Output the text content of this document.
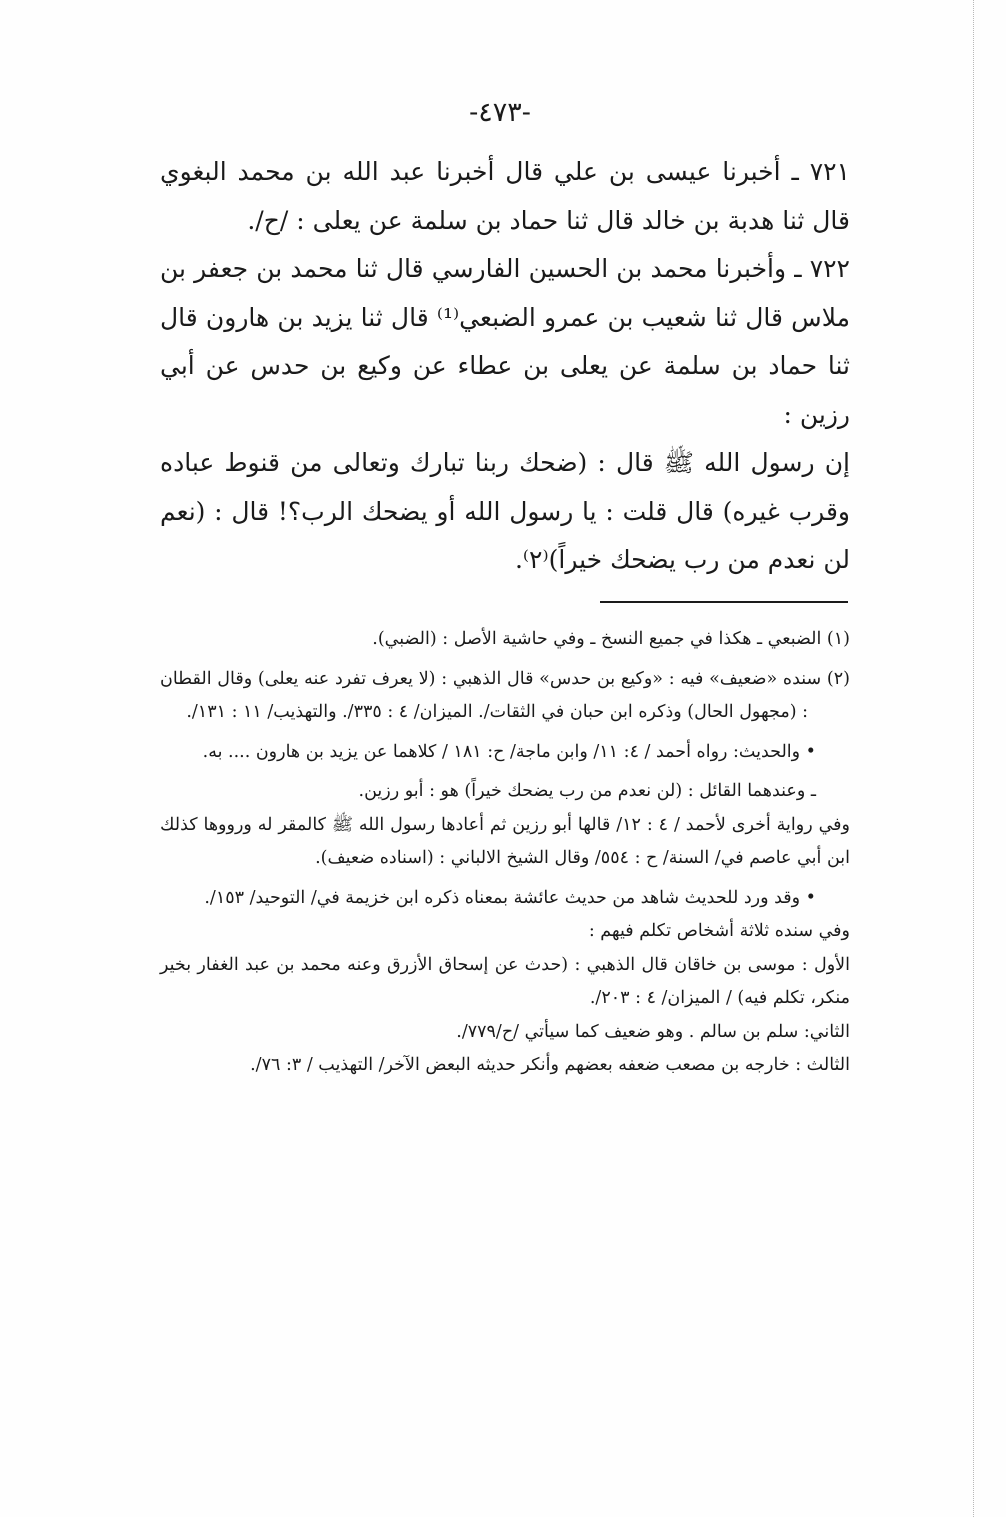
-٤٧٣-

٧٢١ ـ أخبرنا عيسى بن علي قال أخبرنا عبد الله بن محمد البغوي قال ثنا هدبة بن خالد قال ثنا حماد بن سلمة عن يعلى : /ح/.

٧٢٢ ـ وأخبرنا محمد بن الحسين الفارسي قال ثنا محمد بن جعفر بن ملاس قال ثنا شعيب بن عمرو الضبعي⁽¹⁾ قال ثنا يزيد بن هارون قال ثنا حماد بن سلمة عن يعلى بن عطاء عن وكيع بن حدس عن أبي رزين :

إن رسول الله ﷺ قال : (ضحك ربنا تبارك وتعالى من قنوط عباده وقرب غيره) قال قلت : يا رسول الله أو يضحك الرب؟! قال : (نعم لن نعدم من رب يضحك خيراً)⁽٢⁾.

(١) الضبعي ـ هكذا في جميع النسخ ـ وفي حاشية الأصل : (الضبي).

(٢) سنده «ضعيف» فيه : «وكيع بن حدس» قال الذهبي : (لا يعرف تفرد عنه يعلى) وقال القطان : (مجهول الحال) وذكره ابن حبان في الثقات/. الميزان/ ٤ : ٣٣٥/. والتهذيب/ ١١ : ١٣١/.

• والحديث: رواه أحمد / ٤: ١١/ وابن ماجة/ ح: ١٨١ / كلاهما عن يزيد بن هارون .... به.

ـ وعندهما القائل : (لن نعدم من رب يضحك خيراً) هو : أبو رزين.

وفي رواية أخرى لأحمد / ٤ : ١٢/ قالها أبو رزين ثم أعادها رسول الله ﷺ كالمقر له ورووها كذلك ابن أبي عاصم في/ السنة/ ح : ٥٥٤/ وقال الشيخ الالباني : (اسناده ضعيف).

• وقد ورد للحديث شاهد من حديث عائشة بمعناه ذكره ابن خزيمة في/ التوحيد/ ١٥٣/.

وفي سنده ثلاثة أشخاص تكلم فيهم :

الأول : موسى بن خاقان قال الذهبي : (حدث عن إسحاق الأزرق وعنه محمد بن عبد الغفار بخير منكر، تكلم فيه) / الميزان/ ٤ : ٢٠٣/.

الثاني: سلم بن سالم . وهو ضعيف كما سيأتي /ح/٧٧٩/.

الثالث : خارجه بن مصعب ضعفه بعضهم وأنكر حديثه البعض الآخر/ التهذيب / ٣: ٧٦/.
